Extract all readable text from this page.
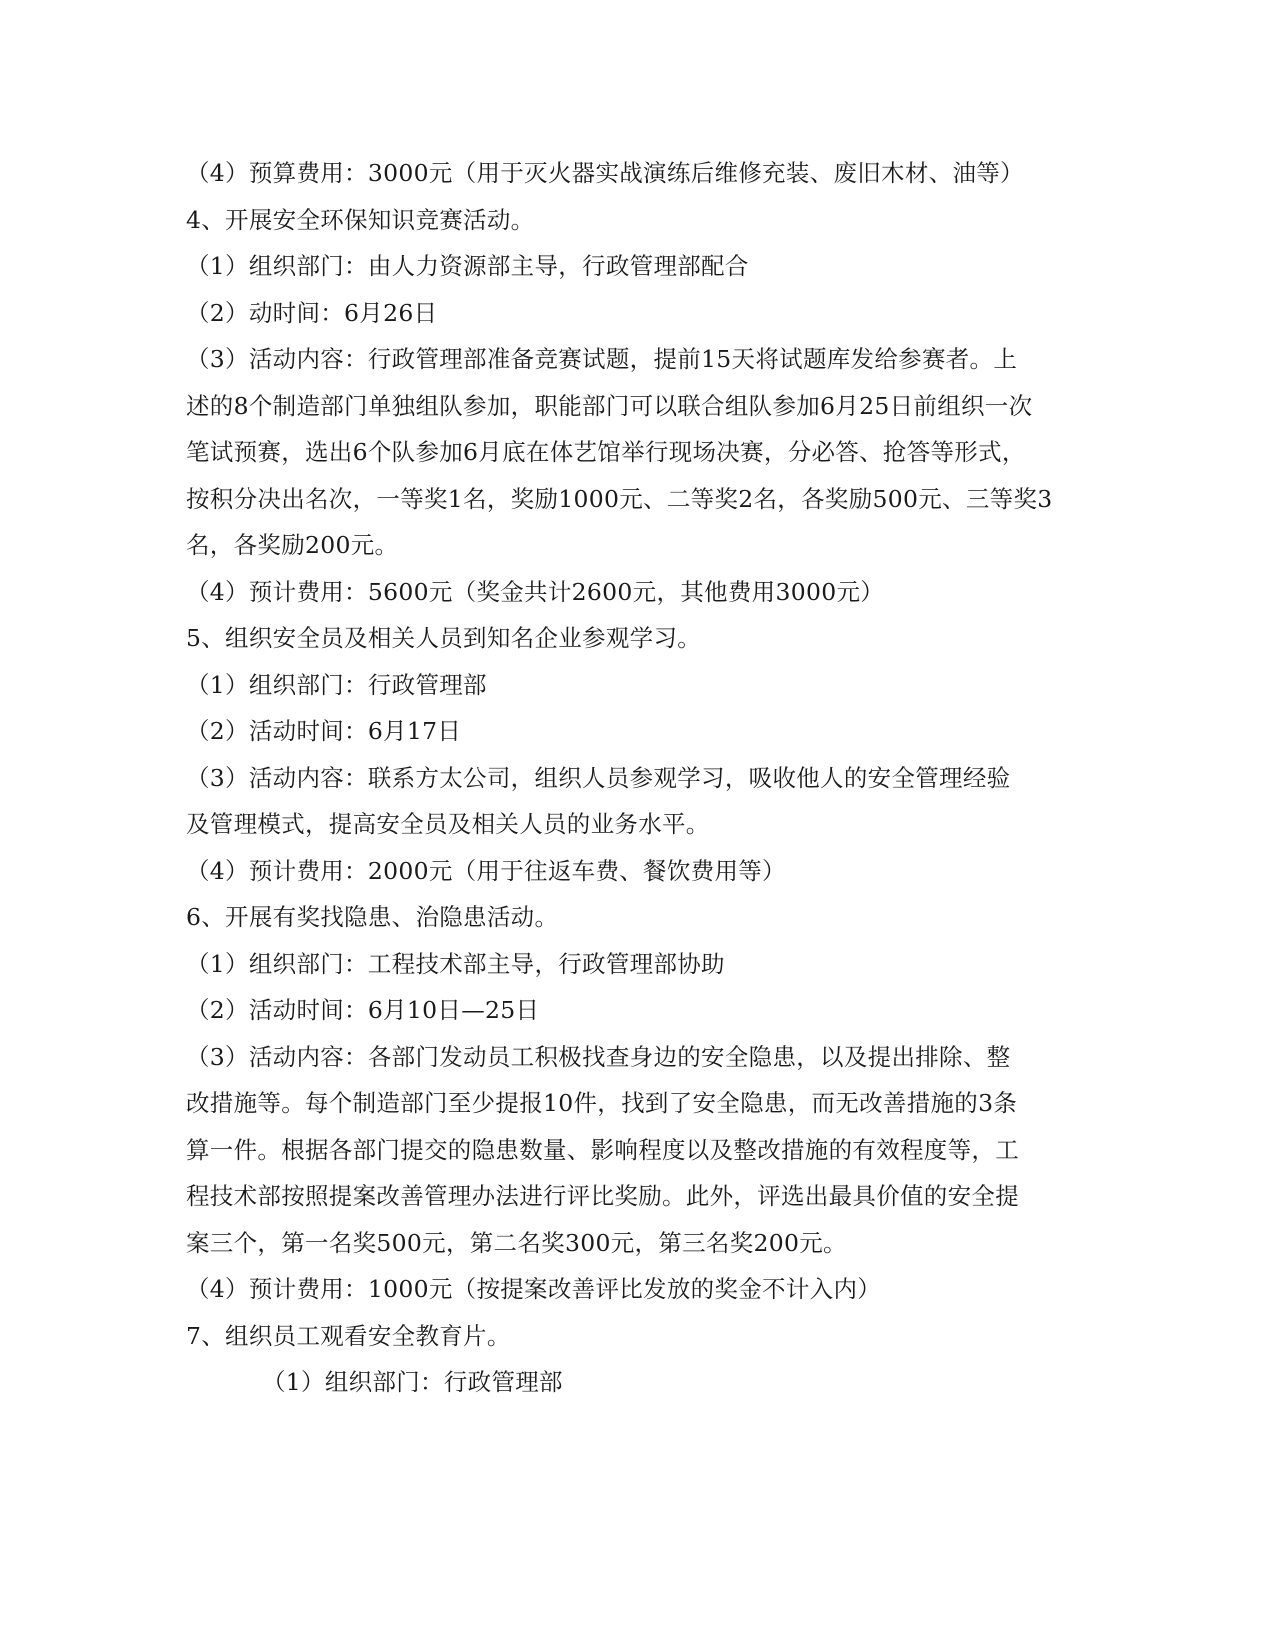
（4）预算费用：3000元（用于灭火器实战演练后维修充装、废旧木材、油等）
4、开展安全环保知识竞赛活动。
（1）组织部门：由人力资源部主导，行政管理部配合
（2）动时间：6月26日
（3）活动内容：行政管理部准备竞赛试题，提前15天将试题库发给参赛者。上
述的8个制造部门单独组队参加，职能部门可以联合组队参加6月25日前组织一次
笔试预赛，选出6个队参加6月底在体艺馆举行现场决赛，分必答、抢答等形式，
按积分决出名次，一等奖1名，奖励1000元、二等奖2名，各奖励500元、三等奖3
名，各奖励200元。
（4）预计费用：5600元（奖金共计2600元，其他费用3000元）
5、组织安全员及相关人员到知名企业参观学习。
（1）组织部门：行政管理部
（2）活动时间：6月17日
（3）活动内容：联系方太公司，组织人员参观学习，吸收他人的安全管理经验
及管理模式，提高安全员及相关人员的业务水平。
（4）预计费用：2000元（用于往返车费、餐饮费用等）
6、开展有奖找隐患、治隐患活动。
（1）组织部门：工程技术部主导，行政管理部协助
（2）活动时间：6月10日—25日
（3）活动内容：各部门发动员工积极找查身边的安全隐患，以及提出排除、整
改措施等。每个制造部门至少提报10件，找到了安全隐患，而无改善措施的3条
算一件。根据各部门提交的隐患数量、影响程度以及整改措施的有效程度等，工
程技术部按照提案改善管理办法进行评比奖励。此外，评选出最具价值的安全提
案三个，第一名奖500元，第二名奖300元，第三名奖200元。
（4）预计费用：1000元（按提案改善评比发放的奖金不计入内）
7、组织员工观看安全教育片。
（1）组织部门：行政管理部
